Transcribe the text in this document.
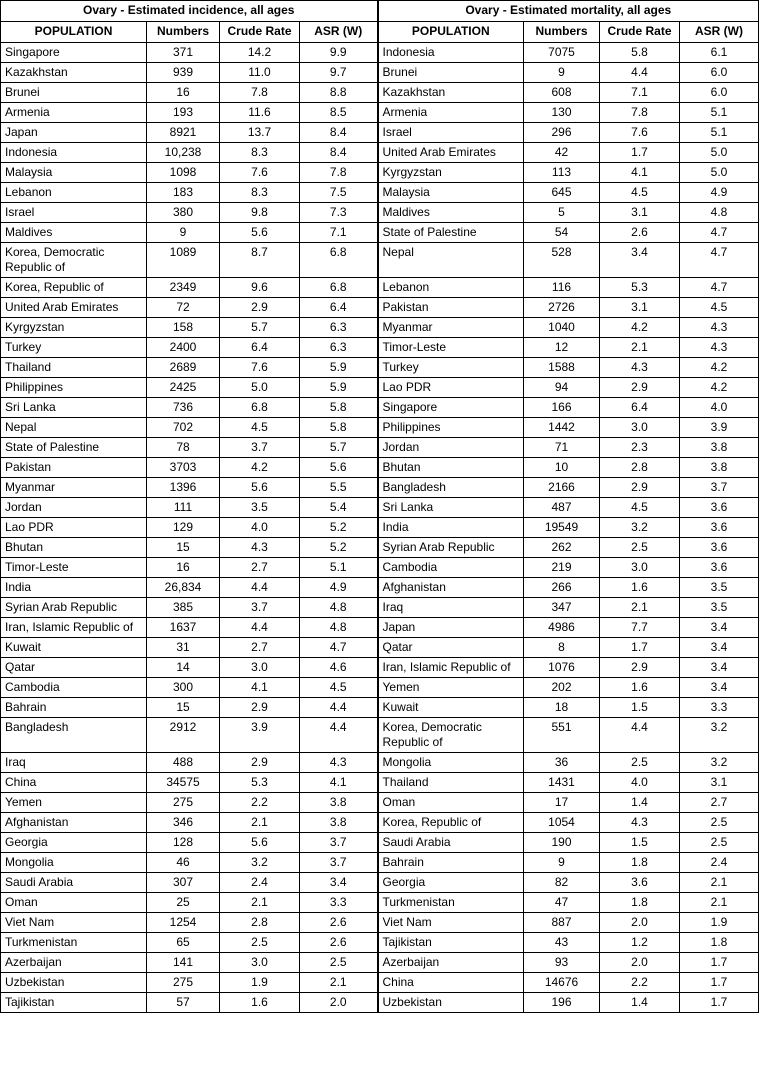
Ovary - Estimated incidence, all ages				Ovary - Estimated mortality, all ages			
POPULATION	Numbers	Crude Rate	ASR (W)	POPULATION	Numbers	Crude Rate	ASR (W)
Singapore	371	14.2	9.9	Indonesia	7075	5.8	6.1
Kazakhstan	939	11.0	9.7	Brunei	9	4.4	6.0
Brunei	16	7.8	8.8	Kazakhstan	608	7.1	6.0
Armenia	193	11.6	8.5	Armenia	130	7.8	5.1
Japan	8921	13.7	8.4	Israel	296	7.6	5.1
Indonesia	10,238	8.3	8.4	United Arab Emirates	42	1.7	5.0
Malaysia	1098	7.6	7.8	Kyrgyzstan	113	4.1	5.0
Lebanon	183	8.3	7.5	Malaysia	645	4.5	4.9
Israel	380	9.8	7.3	Maldives	5	3.1	4.8
Maldives	9	5.6	7.1	State of Palestine	54	2.6	4.7
Korea, Democratic Republic of	1089	8.7	6.8	Nepal	528	3.4	4.7
Korea, Republic of	2349	9.6	6.8	Lebanon	116	5.3	4.7
United Arab Emirates	72	2.9	6.4	Pakistan	2726	3.1	4.5
Kyrgyzstan	158	5.7	6.3	Myanmar	1040	4.2	4.3
Turkey	2400	6.4	6.3	Timor-Leste	12	2.1	4.3
Thailand	2689	7.6	5.9	Turkey	1588	4.3	4.2
Philippines	2425	5.0	5.9	Lao PDR	94	2.9	4.2
Sri Lanka	736	6.8	5.8	Singapore	166	6.4	4.0
Nepal	702	4.5	5.8	Philippines	1442	3.0	3.9
State of Palestine	78	3.7	5.7	Jordan	71	2.3	3.8
Pakistan	3703	4.2	5.6	Bhutan	10	2.8	3.8
Myanmar	1396	5.6	5.5	Bangladesh	2166	2.9	3.7
Jordan	111	3.5	5.4	Sri Lanka	487	4.5	3.6
Lao PDR	129	4.0	5.2	India	19549	3.2	3.6
Bhutan	15	4.3	5.2	Syrian Arab Republic	262	2.5	3.6
Timor-Leste	16	2.7	5.1	Cambodia	219	3.0	3.6
India	26,834	4.4	4.9	Afghanistan	266	1.6	3.5
Syrian Arab Republic	385	3.7	4.8	Iraq	347	2.1	3.5
Iran, Islamic Republic of	1637	4.4	4.8	Japan	4986	7.7	3.4
Kuwait	31	2.7	4.7	Qatar	8	1.7	3.4
Qatar	14	3.0	4.6	Iran, Islamic Republic of	1076	2.9	3.4
Cambodia	300	4.1	4.5	Yemen	202	1.6	3.4
Bahrain	15	2.9	4.4	Kuwait	18	1.5	3.3
Bangladesh	2912	3.9	4.4	Korea, Democratic Republic of	551	4.4	3.2
Iraq	488	2.9	4.3	Mongolia	36	2.5	3.2
China	34575	5.3	4.1	Thailand	1431	4.0	3.1
Yemen	275	2.2	3.8	Oman	17	1.4	2.7
Afghanistan	346	2.1	3.8	Korea, Republic of	1054	4.3	2.5
Georgia	128	5.6	3.7	Saudi Arabia	190	1.5	2.5
Mongolia	46	3.2	3.7	Bahrain	9	1.8	2.4
Saudi Arabia	307	2.4	3.4	Georgia	82	3.6	2.1
Oman	25	2.1	3.3	Turkmenistan	47	1.8	2.1
Viet Nam	1254	2.8	2.6	Viet Nam	887	2.0	1.9
Turkmenistan	65	2.5	2.6	Tajikistan	43	1.2	1.8
Azerbaijan	141	3.0	2.5	Azerbaijan	93	2.0	1.7
Uzbekistan	275	1.9	2.1	China	14676	2.2	1.7
Tajikistan	57	1.6	2.0	Uzbekistan	196	1.4	1.7
